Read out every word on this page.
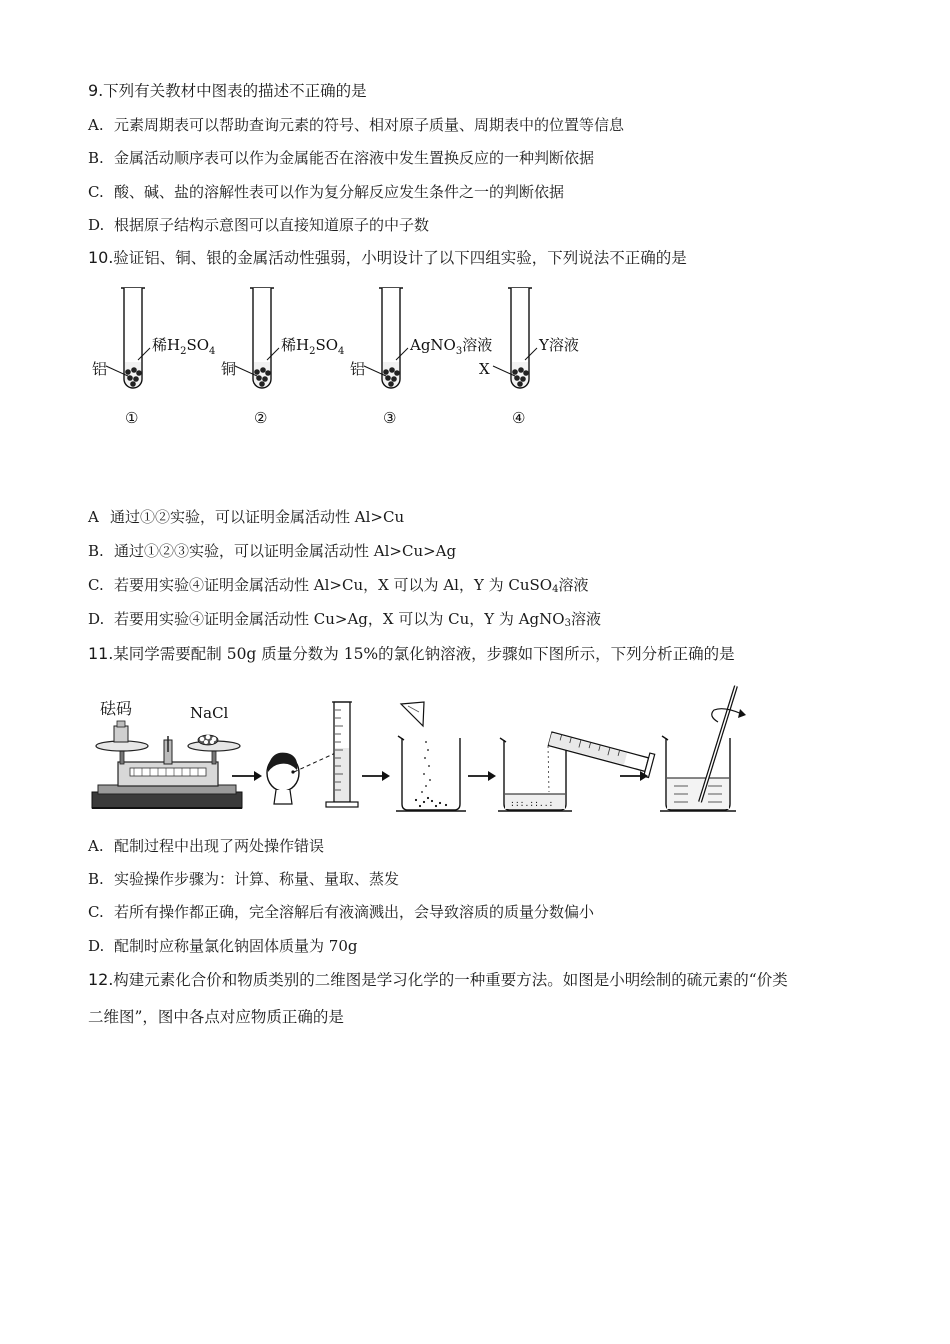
9.下列有关教材中图表的描述不正确的是
A. 元素周期表可以帮助查询元素的符号、相对原子质量、周期表中的位置等信息
B. 金属活动顺序表可以作为金属能否在溶液中发生置换反应的一种判断依据
C. 酸、碱、盐的溶解性表可以作为复分解反应发生条件之一的判断依据
D. 根据原子结构示意图可以直接知道原子的中子数
10.验证铝、铜、银的金属活动性强弱，小明设计了以下四组实验，下列说法不正确的是
铝
稀$H_2SO_4$
①
铜
稀$H_2SO_4$
②
铝
AgNO$_3$溶液
③
X
Y溶液
④
A 通过①②实验，可以证明金属活动性 Al>Cu
B. 通过①②③实验，可以证明金属活动性 Al>Cu>Ag
C. 若要用实验④证明金属活动性 Al>Cu，X 可以为 Al，Y 为 CuSO$_4$溶液
D. 若要用实验④证明金属活动性 Cu>Ag，X 可以为 Cu，Y 为 AgNO$_3$溶液
11.某同学需要配制 50g 质量分数为 15%的氯化钠溶液，步骤如下图所示，下列分析正确的是
砝码	NaCl
:::.::..:
A. 配制过程中出现了两处操作错误
B. 实验操作步骤为：计算、称量、量取、蒸发
C. 若所有操作都正确，完全溶解后有液滴溅出，会导致溶质的质量分数偏小
D. 配制时应称量氯化钠固体质量为 70g
12.构建元素化合价和物质类别的二维图是学习化学的一种重要方法。如图是小明绘制的硫元素的“价类
二维图”，图中各点对应物质正确的是
